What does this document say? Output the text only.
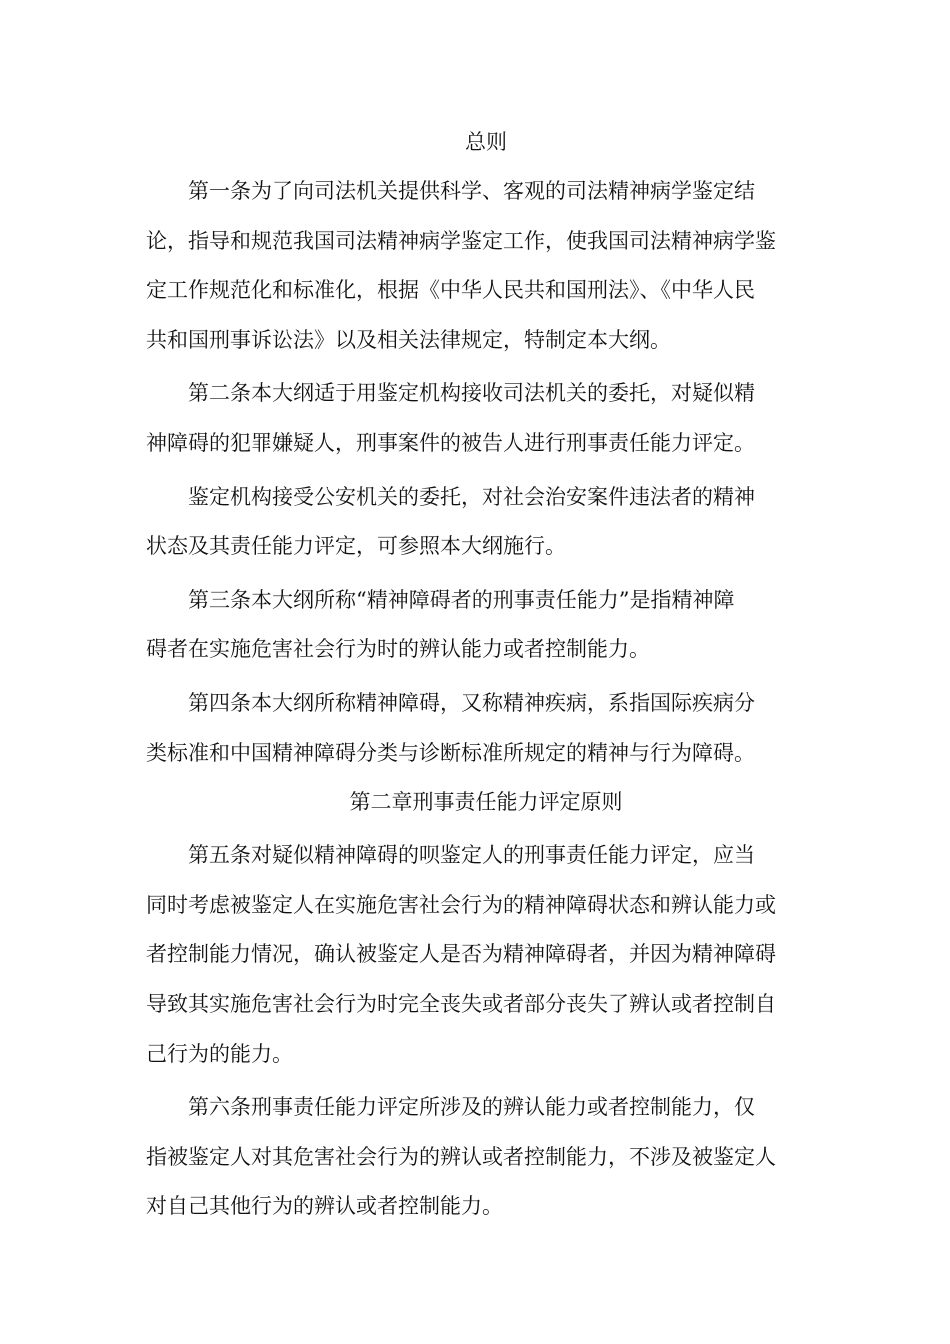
总则
第一条为了向司法机关提供科学、客观的司法精神病学鉴定结
论，指导和规范我国司法精神病学鉴定工作，使我国司法精神病学鉴
定工作规范化和标准化，根据《中华人民共和国刑法》、《中华人民
共和国刑事诉讼法》以及相关法律规定，特制定本大纲。
第二条本大纲适于用鉴定机构接收司法机关的委托，对疑似精
神障碍的犯罪嫌疑人，刑事案件的被告人进行刑事责任能力评定。
鉴定机构接受公安机关的委托，对社会治安案件违法者的精神
状态及其责任能力评定，可参照本大纲施行。
第三条本大纲所称“精神障碍者的刑事责任能力”是指精神障
碍者在实施危害社会行为时的辨认能力或者控制能力。
第四条本大纲所称精神障碍，又称精神疾病，系指国际疾病分
类标准和中国精神障碍分类与诊断标准所规定的精神与行为障碍。
第二章刑事责任能力评定原则
第五条对疑似精神障碍的呗鉴定人的刑事责任能力评定，应当
同时考虑被鉴定人在实施危害社会行为的精神障碍状态和辨认能力或
者控制能力情况，确认被鉴定人是否为精神障碍者，并因为精神障碍
导致其实施危害社会行为时完全丧失或者部分丧失了辨认或者控制自
己行为的能力。
第六条刑事责任能力评定所涉及的辨认能力或者控制能力，仅
指被鉴定人对其危害社会行为的辨认或者控制能力，不涉及被鉴定人
对自己其他行为的辨认或者控制能力。
